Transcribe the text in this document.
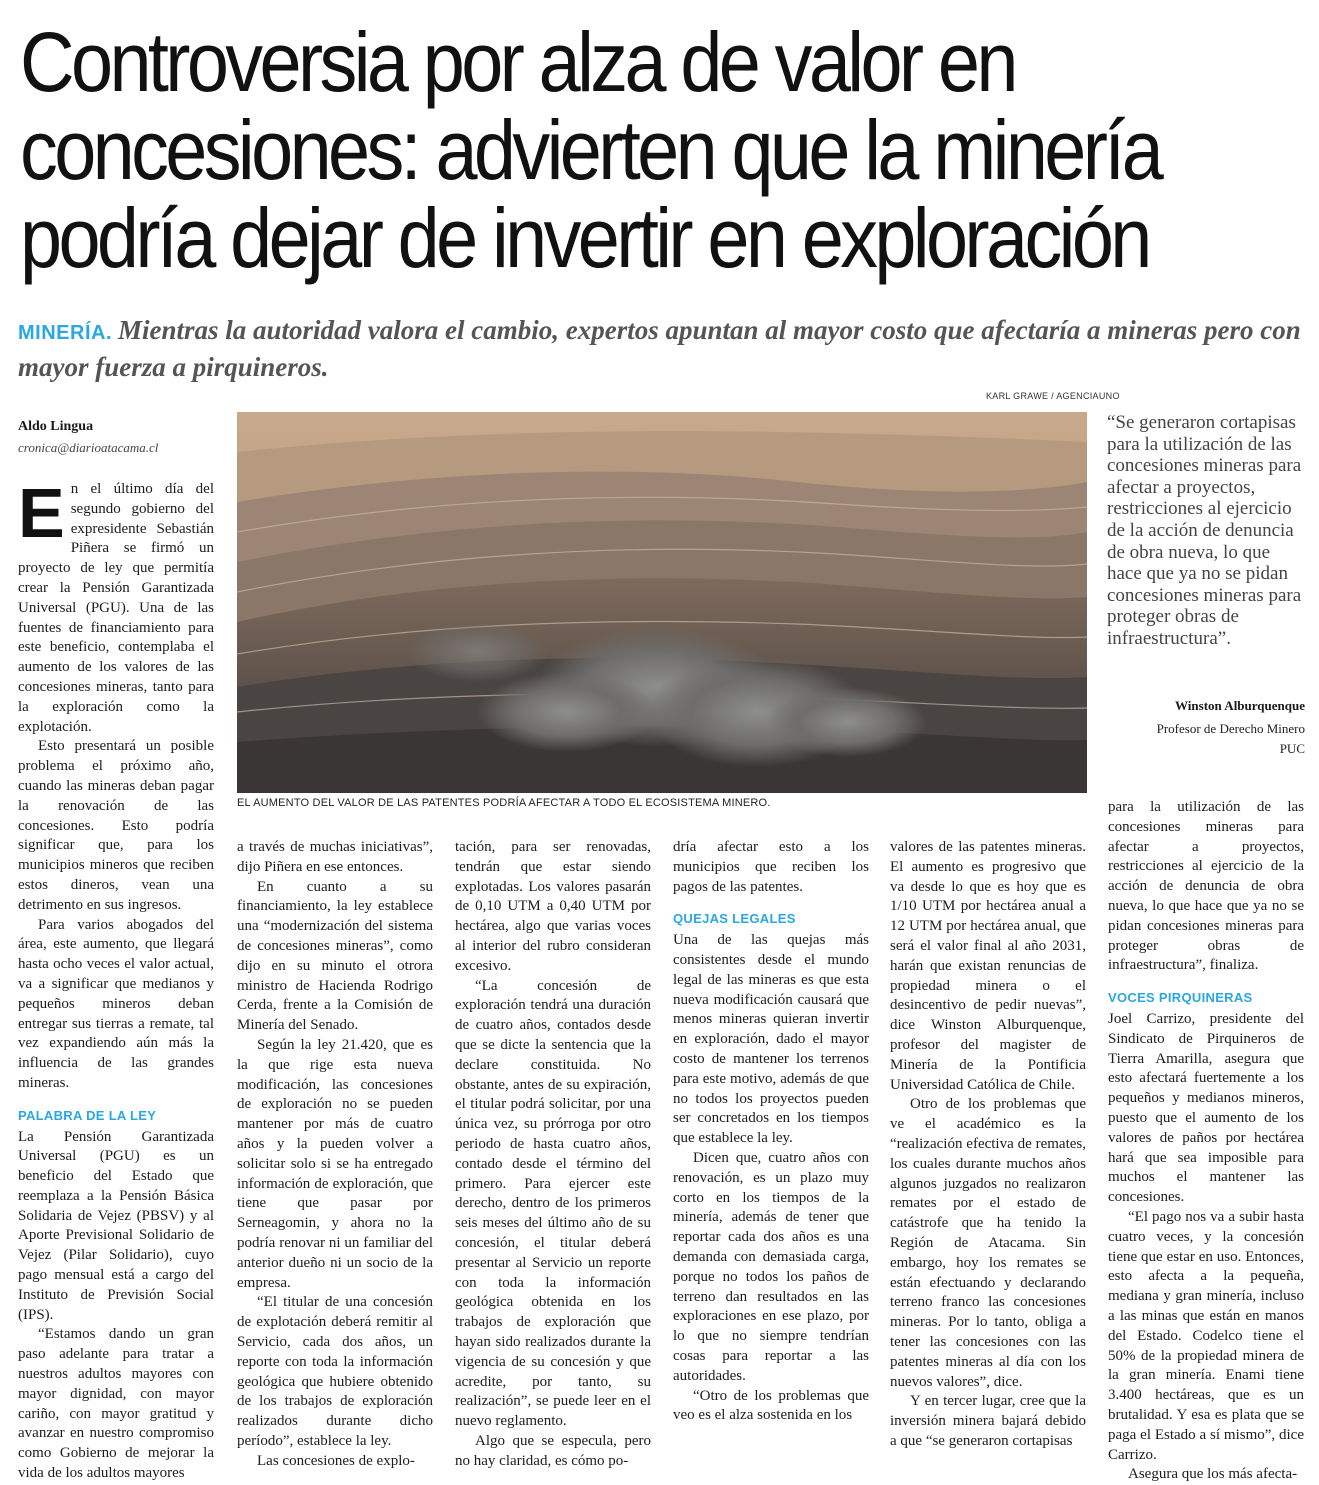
Controversia por alza de valor en
concesiones: advierten que la minería
podría dejar de invertir en exploración
MINERÍA. Mientras la autoridad valora el cambio, expertos apuntan al mayor costo que afectaría a mineras pero con mayor fuerza a pirquineros.
KARL GRAWE / AGENCIAUNO
Aldo Lingua
cronica@diarioatacama.cl
EL AUMENTO DEL VALOR DE LAS PATENTES PODRÍA AFECTAR A TODO EL ECOSISTEMA MINERO.
“Se generaron cortapisas para la utilización de las concesiones mineras para afectar a proyectos, restricciones al ejercicio de la acción de denuncia de obra nueva, lo que hace que ya no se pidan concesiones mineras para proteger obras de infraestructura”.
Winston Alburquenque
Profesor de Derecho Minero
PUC
E n el último día del segundo gobierno del expresidente Sebastián Piñera se firmó un proyecto de ley que permitía crear la Pensión Garantizada Universal (PGU). Una de las fuentes de financiamiento para este beneficio, contemplaba el aumento de los valores de las concesiones mineras, tanto para la exploración como la explotación.

Esto presentará un posible problema el próximo año, cuando las mineras deban pagar la renovación de las concesiones. Esto podría significar que, para los municipios mineros que reciben estos dineros, vean una detrimento en sus ingresos.

Para varios abogados del área, este aumento, que llegará hasta ocho veces el valor actual, va a significar que medianos y pequeños mineros deban entregar sus tierras a remate, tal vez expandiendo aún más la influencia de las grandes mineras.

PALABRA DE LA LEY

La Pensión Garantizada Universal (PGU) es un beneficio del Estado que reemplaza a la Pensión Básica Solidaria de Vejez (PBSV) y al Aporte Previsional Solidario de Vejez (Pilar Solidario), cuyo pago mensual está a cargo del Instituto de Previsión Social (IPS).

“Estamos dando un gran paso adelante para tratar a nuestros adultos mayores con mayor dignidad, con mayor cariño, con mayor gratitud y avanzar en nuestro compromiso como Gobierno de mejorar la vida de los adultos mayores

a través de muchas iniciativas”, dijo Piñera en ese entonces.

En cuanto a su financiamiento, la ley establece una “modernización del sistema de concesiones mineras”, como dijo en su minuto el otrora ministro de Hacienda Rodrigo Cerda, frente a la Comisión de Minería del Senado.

Según la ley 21.420, que es la que rige esta nueva modificación, las concesiones de exploración no se pueden mantener por más de cuatro años y la pueden volver a solicitar solo si se ha entregado información de exploración, que tiene que pasar por Serneagomin, y ahora no la podría renovar ni un familiar del anterior dueño ni un socio de la empresa.

“El titular de una concesión de explotación deberá remitir al Servicio, cada dos años, un reporte con toda la información geológica que hubiere obtenido de los trabajos de exploración realizados durante dicho período”, establece la ley.

Las concesiones de explo-

tación, para ser renovadas, tendrán que estar siendo explotadas. Los valores pasarán de 0,10 UTM a 0,40 UTM por hectárea, algo que varias voces al interior del rubro consideran excesivo.

“La concesión de exploración tendrá una duración de cuatro años, contados desde que se dicte la sentencia que la declare constituida. No obstante, antes de su expiración, el titular podrá solicitar, por una única vez, su prórroga por otro periodo de hasta cuatro años, contado desde el término del primero. Para ejercer este derecho, dentro de los primeros seis meses del último año de su concesión, el titular deberá presentar al Servicio un reporte con toda la información geológica obtenida en los trabajos de exploración que hayan sido realizados durante la vigencia de su concesión y que acredite, por tanto, su realización”, se puede leer en el nuevo reglamento.

Algo que se especula, pero no hay claridad, es cómo po-

dría afectar esto a los municipios que reciben los pagos de las patentes.

QUEJAS LEGALES

Una de las quejas más consistentes desde el mundo legal de las mineras es que esta nueva modificación causará que menos mineras quieran invertir en exploración, dado el mayor costo de mantener los terrenos para este motivo, además de que no todos los proyectos pueden ser concretados en los tiempos que establece la ley.

Dicen que, cuatro años con renovación, es un plazo muy corto en los tiempos de la minería, además de tener que reportar cada dos años es una demanda con demasiada carga, porque no todos los paños de terreno dan resultados en las exploraciones en ese plazo, por lo que no siempre tendrían cosas para reportar a las autoridades.

“Otro de los problemas que veo es el alza sostenida en los

valores de las patentes mineras. El aumento es progresivo que va desde lo que es hoy que es 1/10 UTM por hectárea anual a 12 UTM por hectárea anual, que será el valor final al año 2031, harán que existan renuncias de propiedad minera o el desincentivo de pedir nuevas”, dice Winston Alburquenque, profesor del magister de Minería de la Pontificia Universidad Católica de Chile.

Otro de los problemas que ve el académico es la “realización efectiva de remates, los cuales durante muchos años algunos juzgados no realizaron remates por el estado de catástrofe que ha tenido la Región de Atacama. Sin embargo, hoy los remates se están efectuando y declarando terreno franco las concesiones mineras. Por lo tanto, obliga a tener las concesiones con las patentes mineras al día con los nuevos valores”, dice.

Y en tercer lugar, cree que la inversión minera bajará debido a que “se generaron cortapisas

para la utilización de las concesiones mineras para afectar a proyectos, restricciones al ejercicio de la acción de denuncia de obra nueva, lo que hace que ya no se pidan concesiones mineras para proteger obras de infraestructura”, finaliza.

VOCES PIRQUINERAS

Joel Carrizo, presidente del Sindicato de Pirquineros de Tierra Amarilla, asegura que esto afectará fuertemente a los pequeños y medianos mineros, puesto que el aumento de los valores de paños por hectárea hará que sea imposible para muchos el mantener las concesiones.

“El pago nos va a subir hasta cuatro veces, y la concesión tiene que estar en uso. Entonces, esto afecta a la pequeña, mediana y gran minería, incluso a las minas que están en manos del Estado. Codelco tiene el 50% de la propiedad minera de la gran minería. Enami tiene 3.400 hectáreas, que es un brutalidad. Y esa es plata que se paga el Estado a sí mismo”, dice Carrizo.

Asegura que los más afecta-
